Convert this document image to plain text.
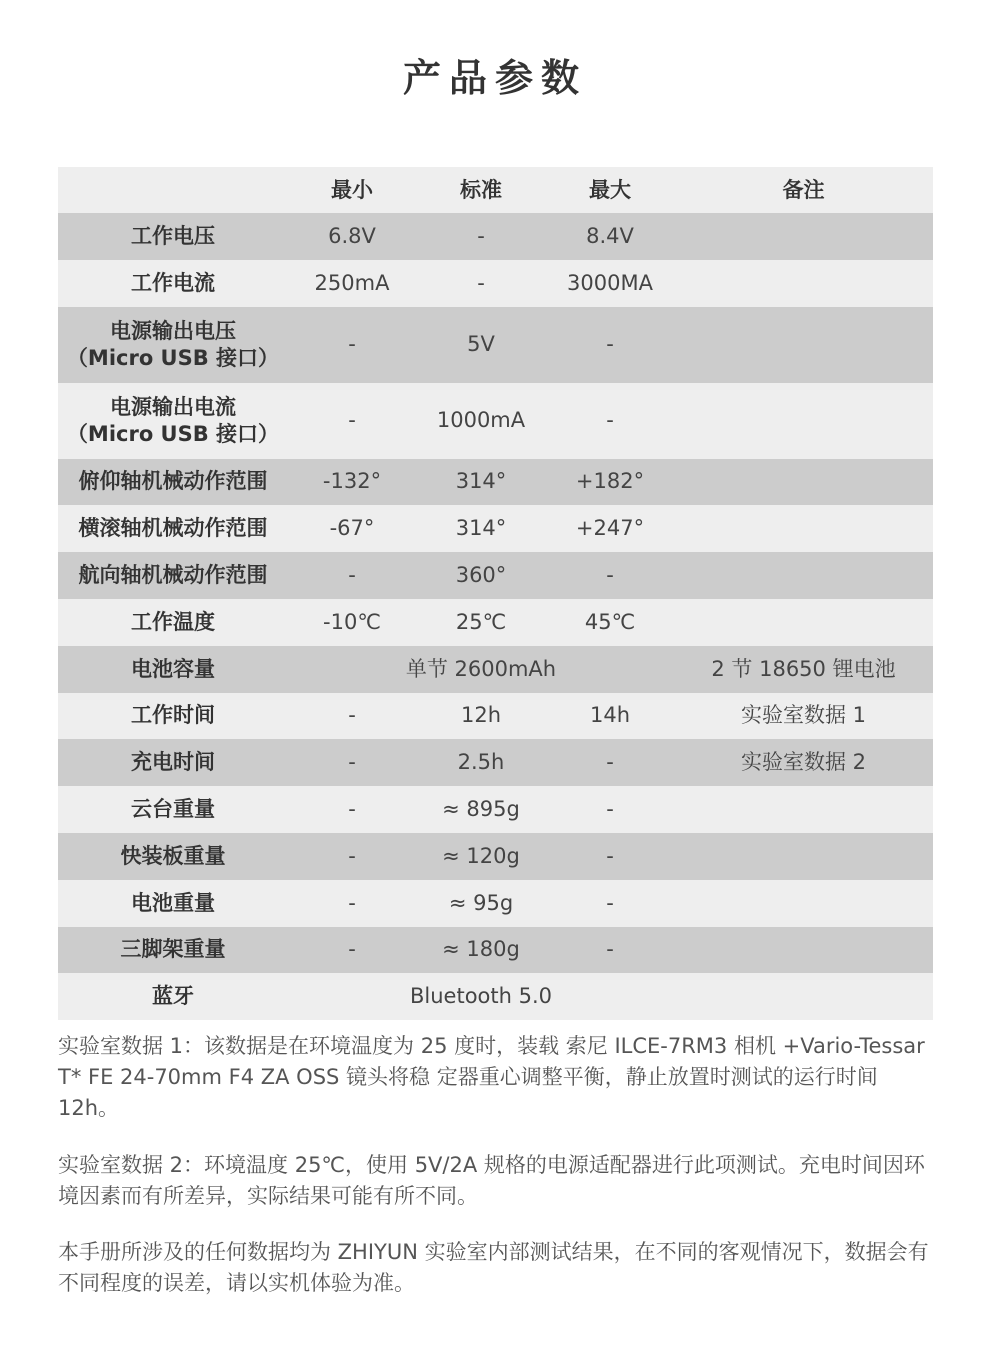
产品参数
	最小	标准	最大	备注
工作电压	6.8V	-	8.4V	
工作电流	250mA	-	3000MA	

电源输出电压
（Micro USB 接口）	-	5V	-	

电源输出电流
（Micro USB 接口）	-	1000mA	-	
俯仰轴机械动作范围	-132°	314°	+182°	
横滚轴机械动作范围	-67°	314°	+247°	
航向轴机械动作范围	-	360°	-	
工作温度	-10℃	25℃	45℃	
电池容量	单节 2600mAh			2 节 18650 锂电池
工作时间	-	12h	14h	实验室数据 1
充电时间	-	2.5h	-	实验室数据 2
云台重量	-	≈ 895g	-	
快装板重量	-	≈ 120g	-	
电池重量	-	≈ 95g	-	
三脚架重量	-	≈ 180g	-	
蓝牙	Bluetooth 5.0			

实验室数据 1：该数据是在环境温度为 25 度时，装载 索尼 ILCE-7RM3 相机 +Vario-Tessar T* FE 24-70mm F4 ZA OSS 镜头将稳 定器重心调整平衡，静止放置时测试的运行时间 12h。

实验室数据 2：环境温度 25℃，使用 5V/2A 规格的电源适配器进行此项测试。充电时间因环境因素而有所差异，实际结果可能有所不同。

本手册所涉及的任何数据均为 ZHIYUN 实验室内部测试结果，在不同的客观情况下，数据会有不同程度的误差，请以实机体验为准。
